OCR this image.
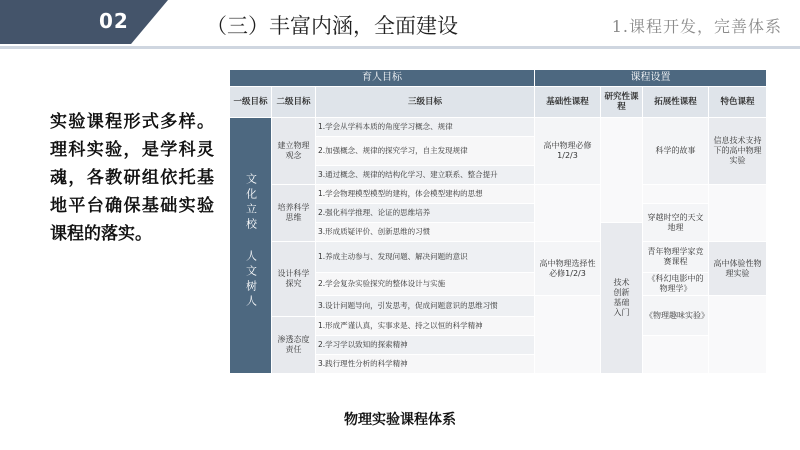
02	（三）丰富内涵，全面建设	1.课程开发，完善体系
实验课程形式多样。理科实验，是学科灵魂，各教研组依托基地平台确保基础实验课程的落实。
育人目标			课程设置			
一级目标	二级目标	三级目标	基础性课程	研究性课程	拓展性课程	特色课程
文化立校 人文树人	建立物理观念	1.学会从学科本质的角度学习概念、规律	高中物理必修1/2/3		科学的故事	信息技术支持下的高中物理实验
		2.加强概念、规律的探究学习，自主发现规律				
		3.通过概念、规律的结构化学习、建立联系、整合提升				
	培养科学思维	1.学会物理模型模型的建构，体会模型建构的思想				
		2.强化科学推理、论证的思维培养			穿越时空的天文地理	
		3.形成质疑评价、创新思维的习惯		技术创新基础入门		

	设计科学探究	1.养成主动参与、发现问题、解决问题的意识	高中物理选择性必修1/2/3		青年物理学家竞赛课程	高中体验性物理实验
		2.学会复杂实验探究的整体设计与实施			《科幻电影中的物理学》	
		3.设计问题导向，引发思考，促成问题意识的思维习惯			《物理趣味实验》	
	渗透态度责任	1.形成严谨认真，实事求是、持之以恒的科学精神				
		2.学习学以致知的探索精神				
		3.践行理性分析的科学精神				
物理实验课程体系
